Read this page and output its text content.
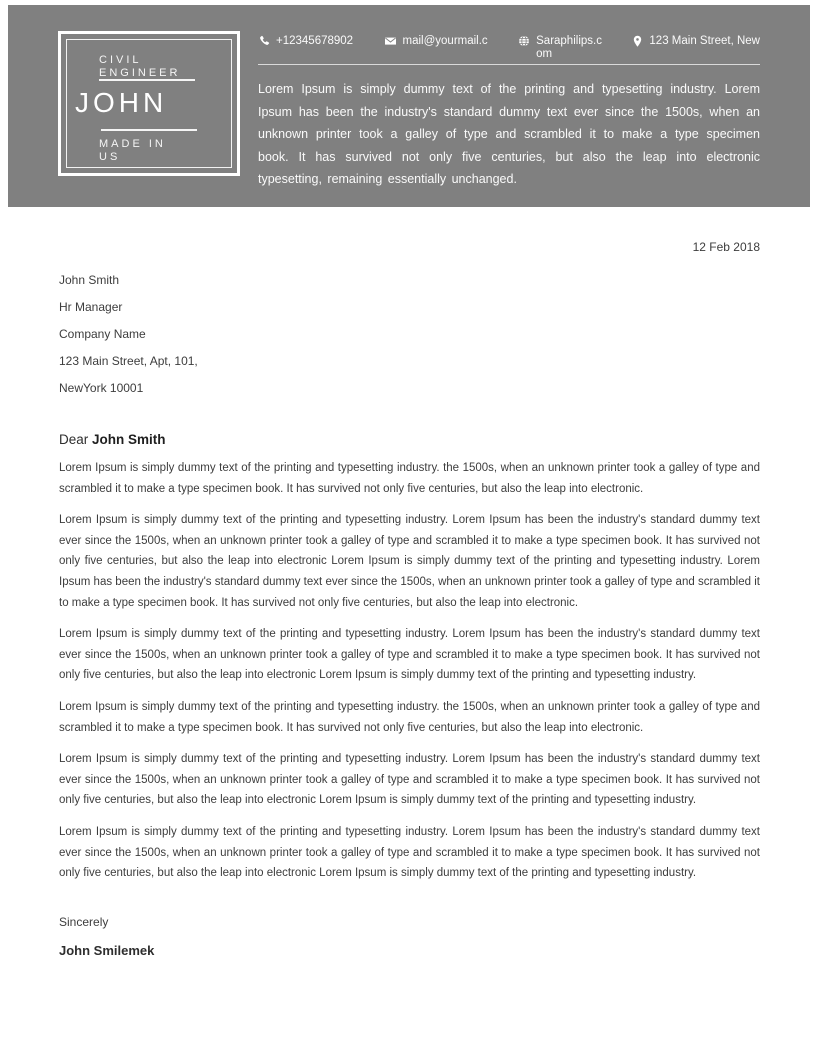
CIVIL
ENGINEER
JOHN
MADE IN
US
+12345678902	mail@yourmail.c	Saraphilips.c
om
123 Main Street, New

Lorem Ipsum is simply dummy text of the printing and typesetting industry. Lorem Ipsum has been the industry's standard dummy text ever since the 1500s, when an unknown printer took a galley of type and scrambled it to make a type specimen book. It has survived not only five centuries, but also the leap into electronic typesetting, remaining essentially unchanged.

12 Feb 2018
John Smith
Hr Manager
Company Name
123 Main Street, Apt, 101,
NewYork 10001
Dear John Smith

Lorem Ipsum is simply dummy text of the printing and typesetting industry. the 1500s, when an unknown printer took a galley of type and scrambled it to make a type specimen book. It has survived not only five centuries, but also the leap into electronic.

Lorem Ipsum is simply dummy text of the printing and typesetting industry. Lorem Ipsum has been the industry's standard dummy text ever since the 1500s, when an unknown printer took a galley of type and scrambled it to make a type specimen book. It has survived not only five centuries, but also the leap into electronic Lorem Ipsum is simply dummy text of the printing and typesetting industry. Lorem Ipsum has been the industry's standard dummy text ever since the 1500s, when an unknown printer took a galley of type and scrambled it to make a type specimen book. It has survived not only five centuries, but also the leap into electronic.

Lorem Ipsum is simply dummy text of the printing and typesetting industry. Lorem Ipsum has been the industry's standard dummy text ever since the 1500s, when an unknown printer took a galley of type and scrambled it to make a type specimen book. It has survived not only five centuries, but also the leap into electronic Lorem Ipsum is simply dummy text of the printing and typesetting industry.

Lorem Ipsum is simply dummy text of the printing and typesetting industry. the 1500s, when an unknown printer took a galley of type and scrambled it to make a type specimen book. It has survived not only five centuries, but also the leap into electronic.

Lorem Ipsum is simply dummy text of the printing and typesetting industry. Lorem Ipsum has been the industry's standard dummy text ever since the 1500s, when an unknown printer took a galley of type and scrambled it to make a type specimen book. It has survived not only five centuries, but also the leap into electronic Lorem Ipsum is simply dummy text of the printing and typesetting industry.

Lorem Ipsum is simply dummy text of the printing and typesetting industry. Lorem Ipsum has been the industry's standard dummy text ever since the 1500s, when an unknown printer took a galley of type and scrambled it to make a type specimen book. It has survived not only five centuries, but also the leap into electronic Lorem Ipsum is simply dummy text of the printing and typesetting industry.

Sincerely
John Smilemek
